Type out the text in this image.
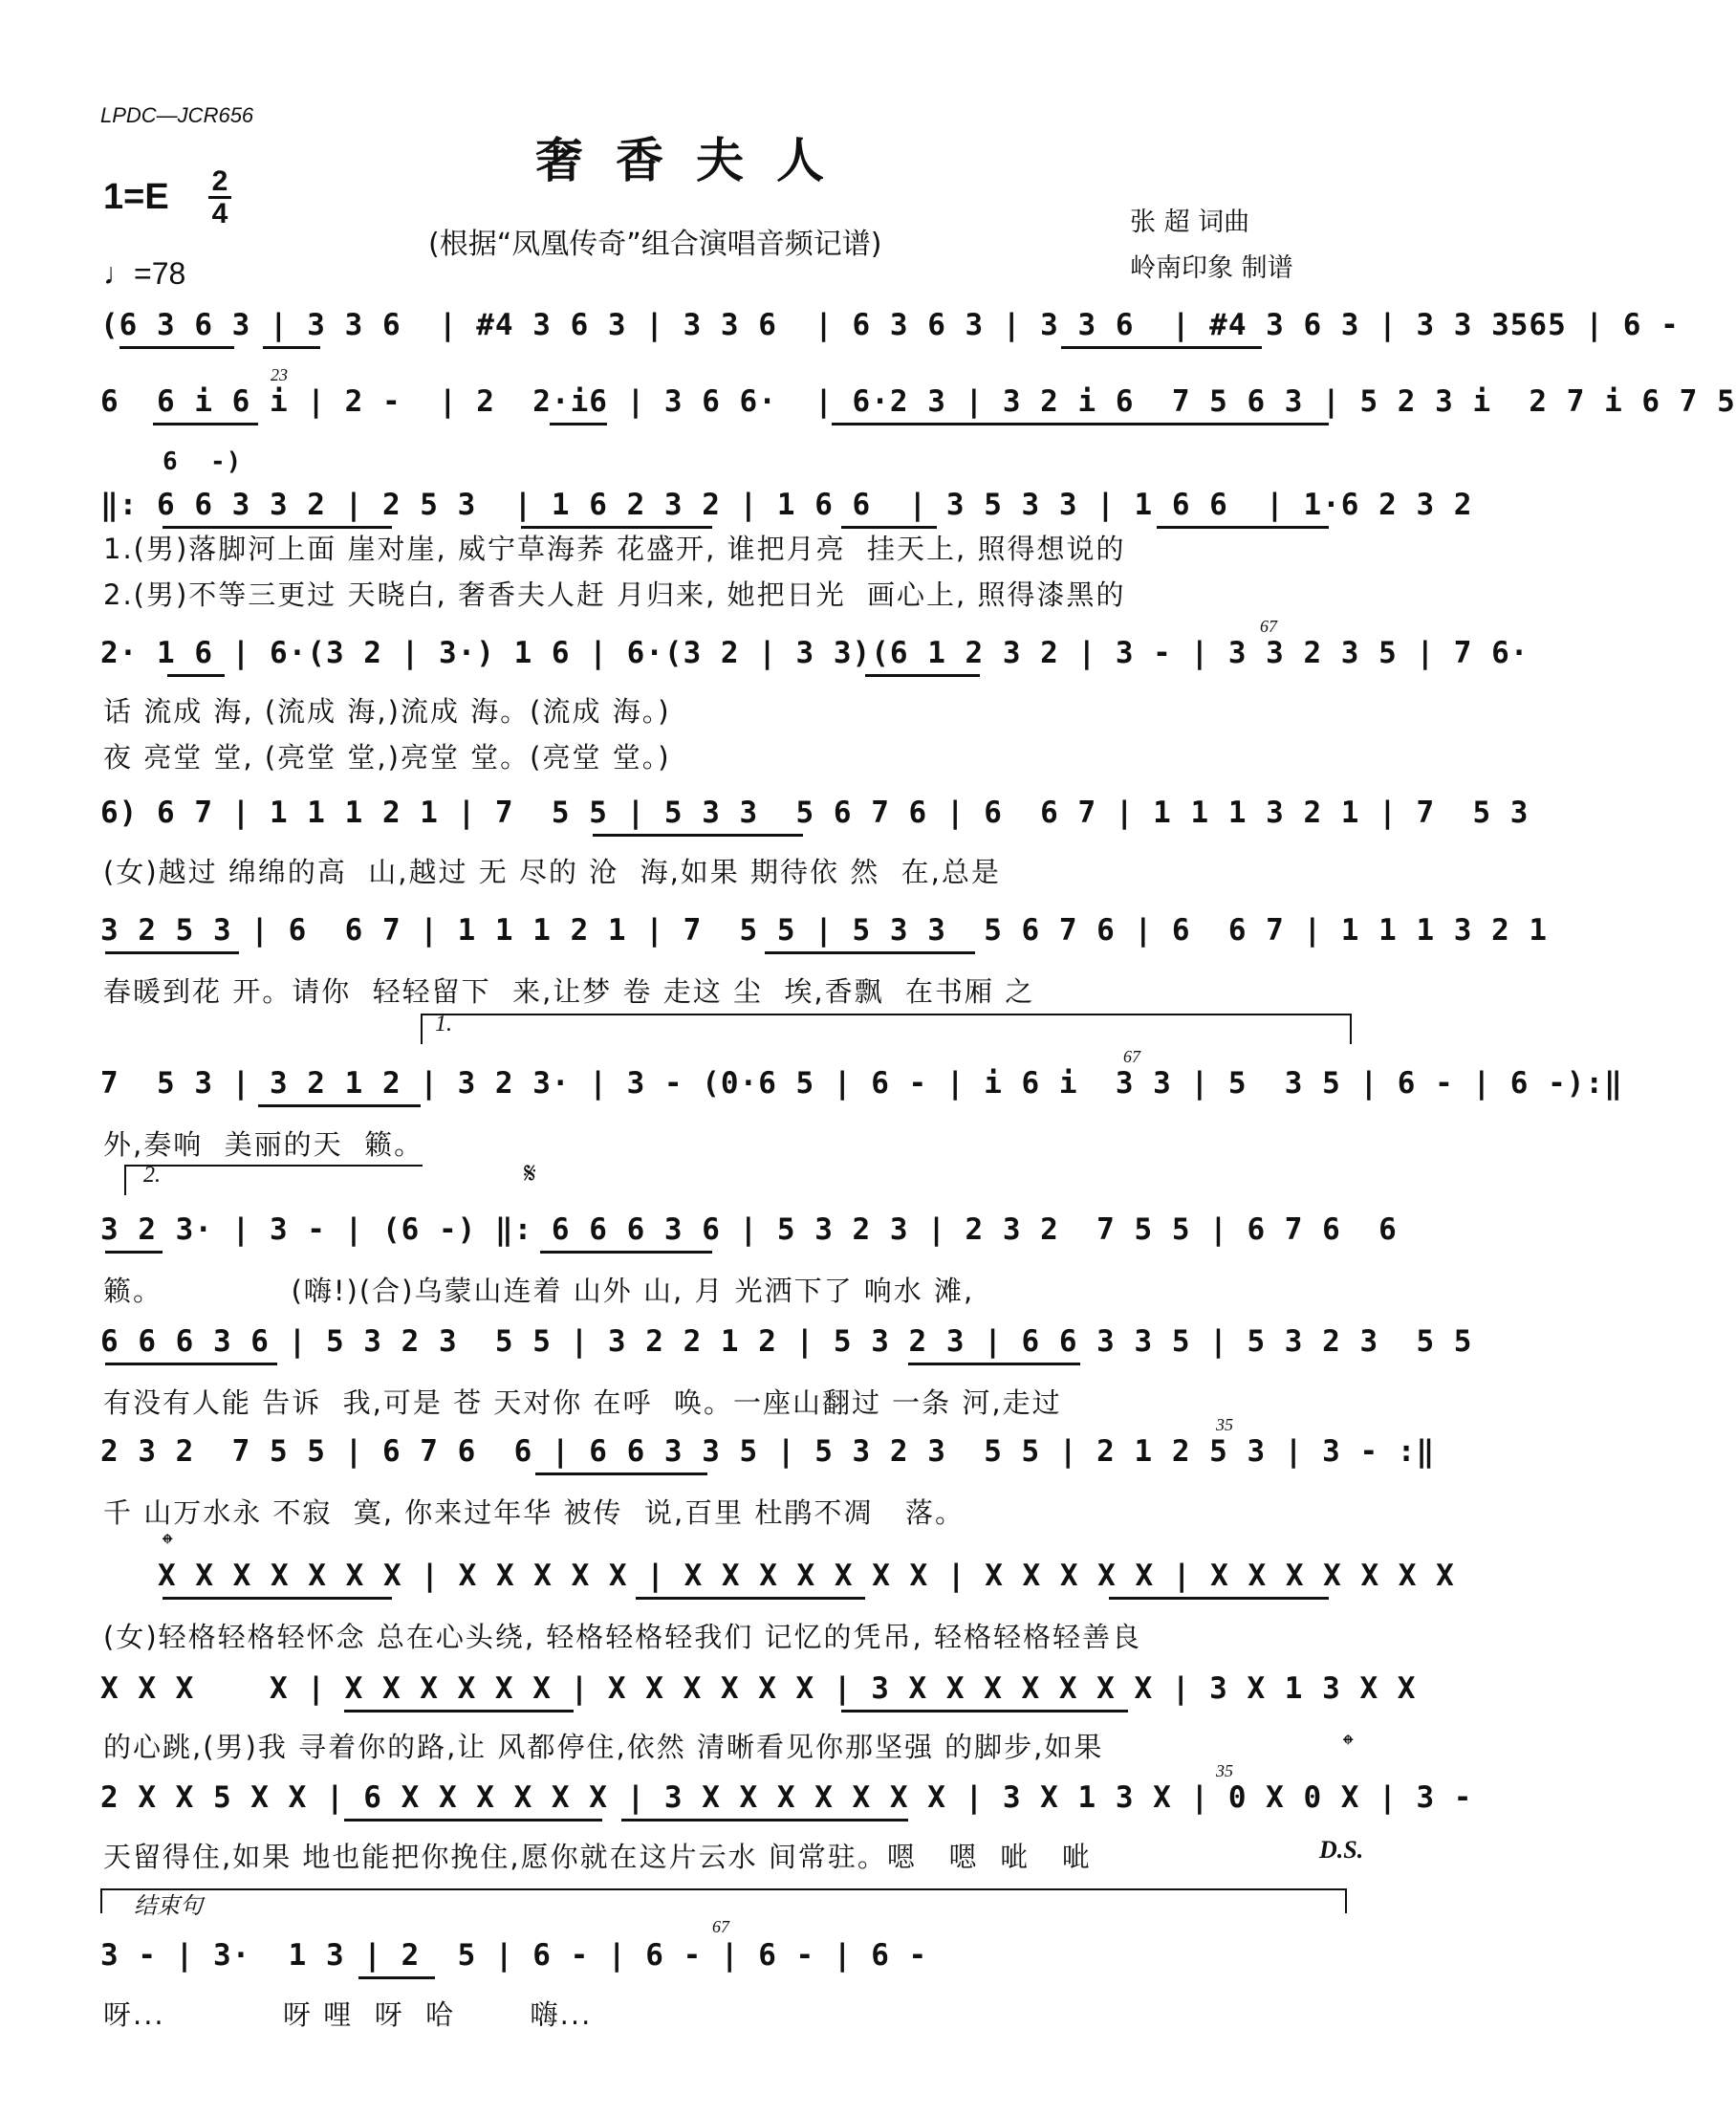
LPDC—JCR656
奢香夫人
(根据“凤凰传奇”组合演唱音频记谱)
1=E 2
4
♩=78
张 超 词曲
岭南印象 制谱
(6 3 6 3 | 3 3 6  | #4 3 6 3 | 3 3 6  | 6 3 6 3 | 3 3 6  | #4 3 6 3 | 3 3 3565 | 6 -
6  6 i 6 i | 2 -  | 2  2·i6 | 3 6 6·  | 6·2 3 | 3 2 i 6  7 5 6 3 | 5 2 3 i  2 7 i 6 7 5
23
‖: 6 6 3 3 2 | 2 5 3  | 1 6 2 3 2 | 1 6 6  | 3 5 3 3 | 1 6 6  | 1·6 2 3 2
6  -)
1.(男)落脚河上面 崖对崖, 威宁草海荞 花盛开, 谁把月亮  挂天上, 照得想说的
2.(男)不等三更过 天晓白, 奢香夫人赶 月归来, 她把日光  画心上, 照得漆黑的
2· 1 6 | 6·(3 2 | 3·) 1 6 | 6·(3 2 | 3 3)(6 1 2 3 2 | 3 - | 3 3 2 3 5 | 7 6·
67
话 流成 海, (流成 海,)流成 海。(流成 海。)
夜 亮堂 堂, (亮堂 堂,)亮堂 堂。(亮堂 堂。)
6) 6 7 | 1 1 1 2 1 | 7  5 5 | 5 3 3  5 6 7 6 | 6  6 7 | 1 1 1 3 2 1 | 7  5 3
(女)越过 绵绵的高  山,越过 无 尽的 沧  海,如果 期待依 然  在,总是
3 2 5 3 | 6  6 7 | 1 1 1 2 1 | 7  5 5 | 5 3 3  5 6 7 6 | 6  6 7 | 1 1 1 3 2 1
春暖到花 开。请你  轻轻留下  来,让梦 卷 走这 尘  埃,香飘  在书厢 之
1.
7  5 3 | 3 2 1 2 | 3 2 3· | 3 - (0·6 5 | 6 - | i 6 i  3 3 | 5  3 5 | 6 - | 6 -):‖
67
外,奏响  美丽的天  籁。
2.	𝄋
3 2 3· | 3 - | (6 -) ‖: 6 6 6 3 6 | 5 3 2 3 | 2 3 2  7 5 5 | 6 7 6  6
籁。            (嗨!)(合)乌蒙山连着 山外 山, 月 光洒下了 响水 滩,
6 6 6 3 6 | 5 3 2 3  5 5 | 3 2 2 1 2 | 5 3 2 3 | 6 6 3 3 5 | 5 3 2 3  5 5
有没有人能 告诉  我,可是 苍 天对你 在呼  唤。一座山翻过 一条 河,走过
2 3 2  7 5 5 | 6 7 6  6 | 6 6 3 3 5 | 5 3 2 3  5 5 | 2 1 2 5 3 | 3 - :‖
35
千 山万水永 不寂  寞, 你来过年华 被传  说,百里 杜鹃不凋   落。
𝄌
X X X X X X X | X X X X X | X X X X X X X | X X X X X | X X X X X X X
(女)轻格轻格轻怀念 总在心头绕, 轻格轻格轻我们 记忆的凭吊, 轻格轻格轻善良
X X X    X | X X X X X X | X X X X X X | 3 X X X X X X X | 3 X 1 3 X X
的心跳,(男)我 寻着你的路,让 风都停住,依然 清晰看见你那坚强 的脚步,如果	𝄌
2 X X 5 X X | 6 X X X X X X | 3 X X X X X X X | 3 X 1 3 X | 0 X 0 X | 3 -
35
天留得住,如果 地也能把你挽住,愿你就在这片云水 间常驻。嗯   嗯  呲   呲	D.S.
结束句
3 - | 3·  1 3 | 2  5 | 6 - | 6 - | 6 - | 6 -
67
呀...           呀 哩  呀  哈       嗨...
